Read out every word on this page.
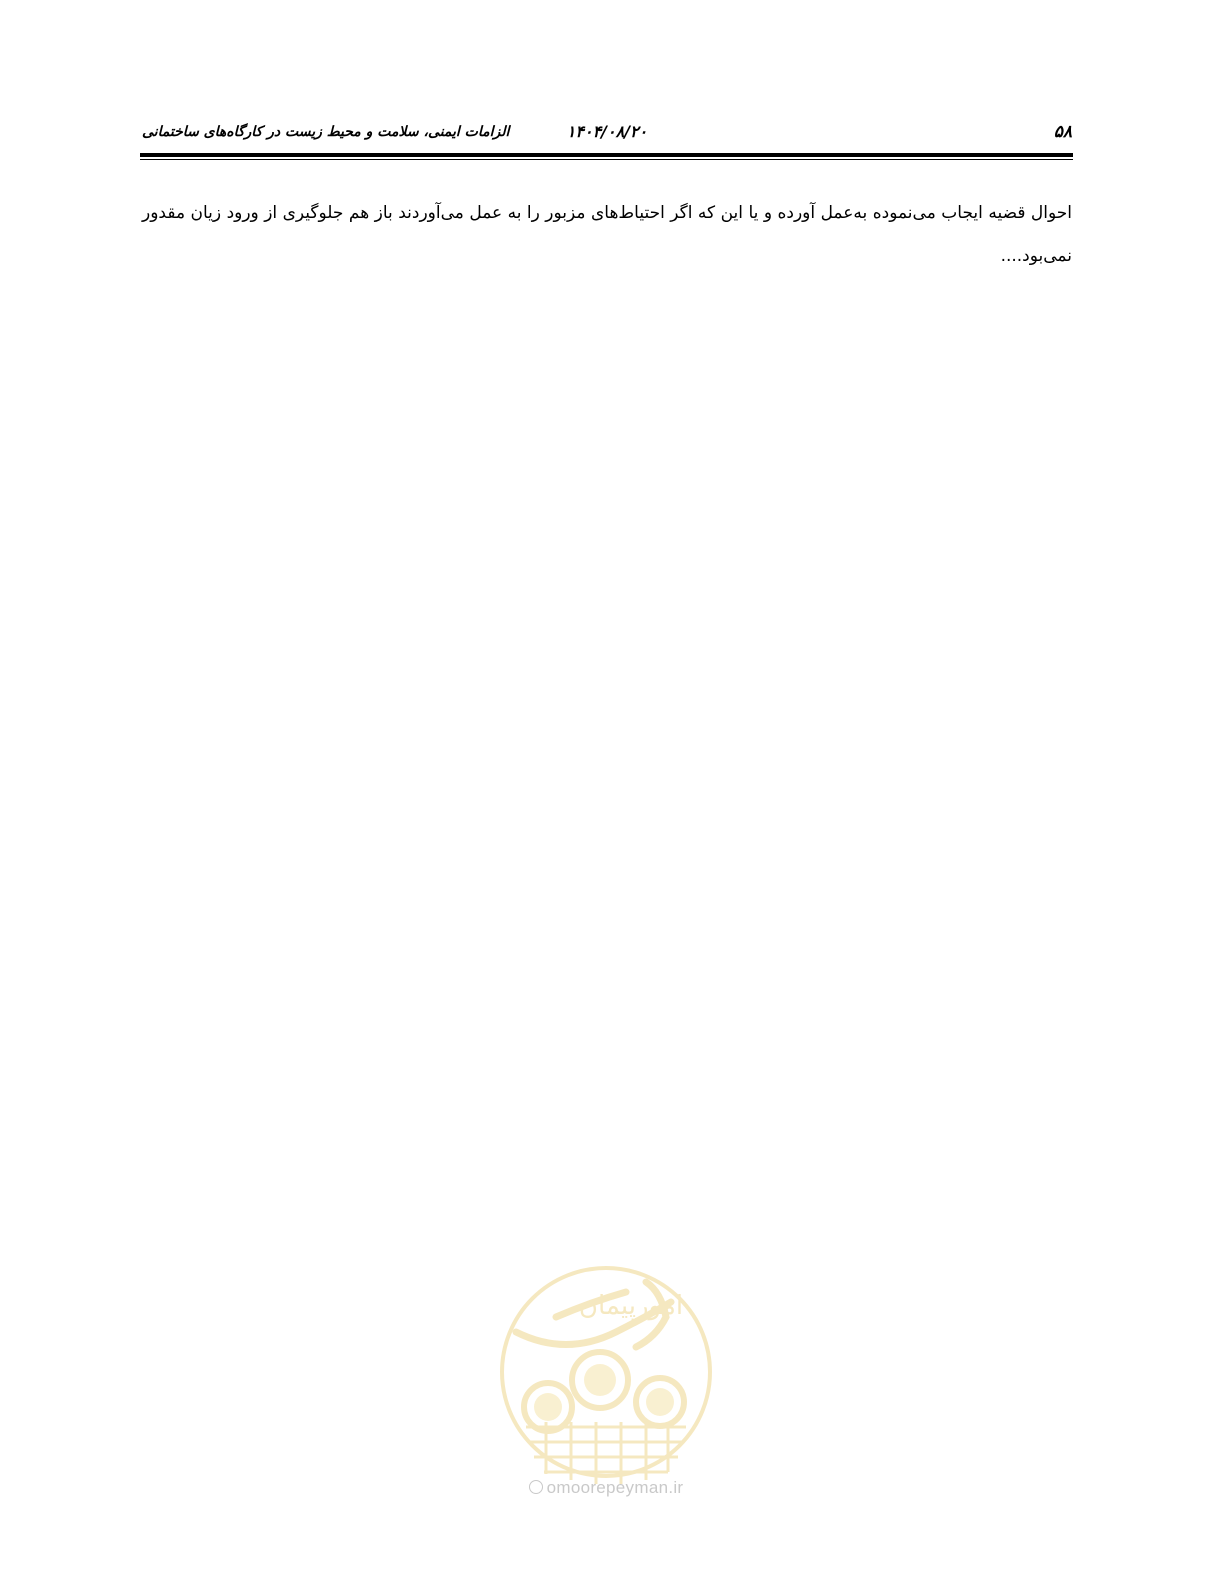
۵۸
۱۴۰۴/۰۸/۲۰
الزامات ایمنی، سلامت و محیط زیست در کارگاه‌های ساختمانی

احوال قضیه ایجاب می‌نموده به‌عمل آورده و یا این که اگر احتیاط‌های مزبور را به عمل می‌آوردند باز هم جلوگیری از ورود زیان مقدور نمی‌بود....

امورپیمان
omoorepeyman.ir
